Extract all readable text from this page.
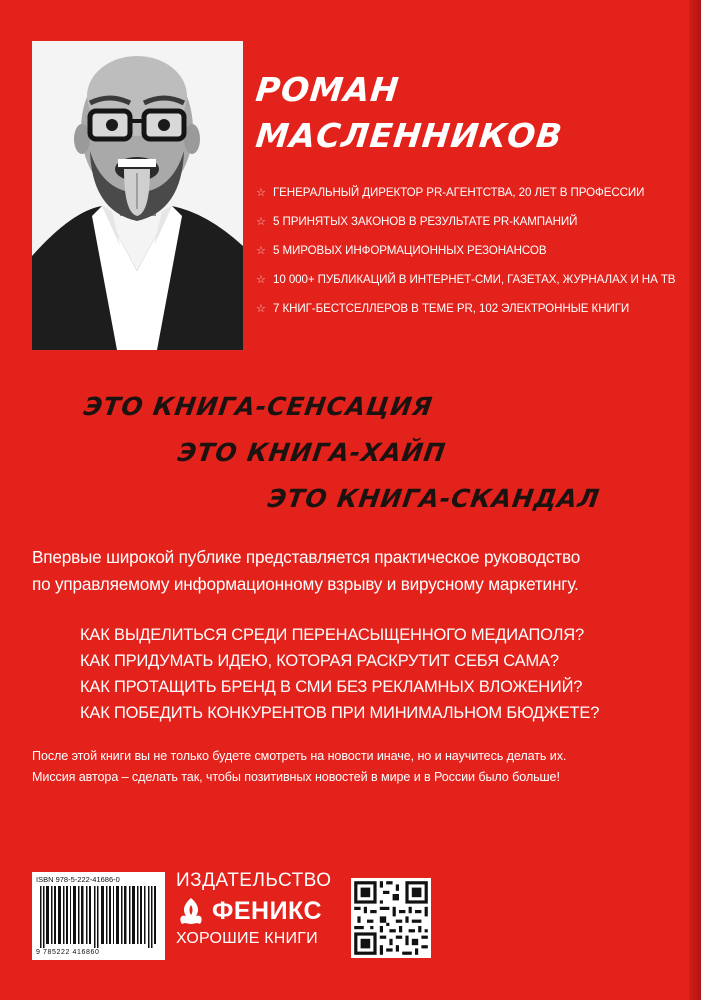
РОМАН
МАСЛЕННИКОВ
☆ ГЕНЕРАЛЬНЫЙ ДИРЕКТОР PR-АГЕНТСТВА, 20 ЛЕТ В ПРОФЕССИИ
☆ 5 ПРИНЯТЫХ ЗАКОНОВ В РЕЗУЛЬТАТЕ PR-КАМПАНИЙ
☆ 5 МИРОВЫХ ИНФОРМАЦИОННЫХ РЕЗОНАНСОВ
☆ 10 000+ ПУБЛИКАЦИЙ В ИНТЕРНЕТ-СМИ, ГАЗЕТАХ, ЖУРНАЛАХ И НА ТВ
☆ 7 КНИГ-БЕСТСЕЛЛЕРОВ В ТЕМЕ PR, 102 ЭЛЕКТРОННЫЕ КНИГИ
ЭТО КНИГА-СЕНСАЦИЯ
ЭТО КНИГА-ХАЙП
ЭТО КНИГА-СКАНДАЛ
Впервые широкой публике представляется практическое руководство
по управляемому информационному взрыву и вирусному маркетингу.
КАК ВЫДЕЛИТЬСЯ СРЕДИ ПЕРЕНАСЫЩЕННОГО МЕДИАПОЛЯ?
КАК ПРИДУМАТЬ ИДЕЮ, КОТОРАЯ РАСКРУТИТ СЕБЯ САМА?
КАК ПРОТАЩИТЬ БРЕНД В СМИ БЕЗ РЕКЛАМНЫХ ВЛОЖЕНИЙ?
КАК ПОБЕДИТЬ КОНКУРЕНТОВ ПРИ МИНИМАЛЬНОМ БЮДЖЕТЕ?
После этой книги вы не только будете смотреть на новости иначе, но и научитесь делать их.
Миссия автора – сделать так, чтобы позитивных новостей в мире и в России было больше!
ISBN 978-5-222-41686-0
9 785222 416860
ИЗДАТЕЛЬСТВО
ФЕНИКС
ХОРОШИЕ КНИГИ
